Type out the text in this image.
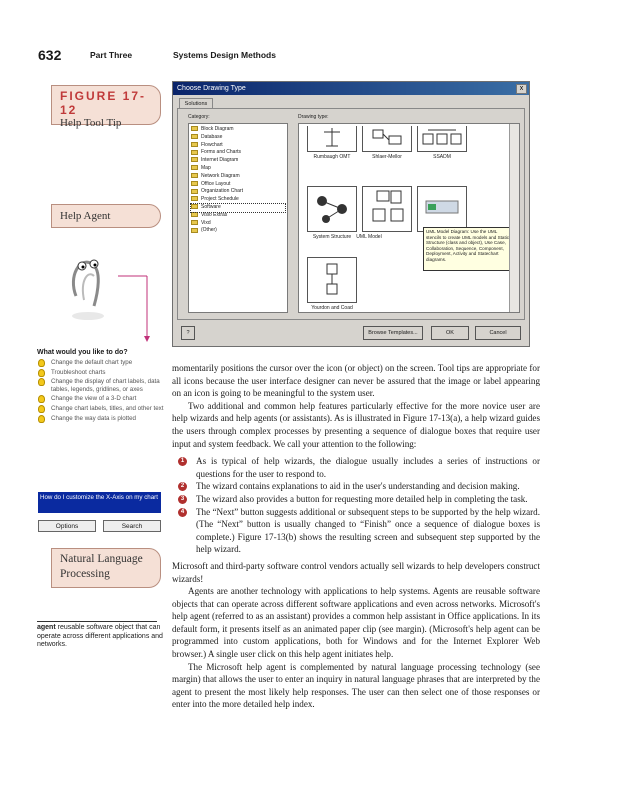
632	Part Three	Systems Design Methods
FIGURE 17-12
Help Tool Tip
Help Agent
Choose Drawing Type	x
Solutions
Category:	Drawing type:
Block Diagram
Database
Flowchart
Forms and Charts
Internet Diagram
Map
Network Diagram
Office Layout
Organization Chart
Project Schedule
Software
Visio Extras
Vixd
(Other)
Rumbaugh OMT	Shlaer-Mellor	SSADM
System Structure	UML Model
UML Model Diagram: Use the UML stencils to create UML models and Static Structure (class and object), Use Case, Collaboration, Sequence, Component, Deployment, Activity and Statechart diagrams.
Yourdon and Coad
?	Browse Templates...	OK	Cancel
What would you like to do?
Change the default chart type
Troubleshoot charts
Change the display of chart labels, data tables, legends, gridlines, or axes
Change the view of a 3-D chart
Change chart labels, titles, and other text
Change the way data is plotted
How do I customize the X-Axis on my chart
Options	Search
Natural Language Processing
agent reusable software object that can operate across different applications and networks.

momentarily positions the cursor over the icon (or object) on the screen. Tool tips are appropriate for all icons because the user interface designer can never be assured that the image or label appearing on an icon is going to be meaningful to the system user.

Two additional and common help features particularly effective for the more novice user are help wizards and help agents (or assistants). As is illustrated in Figure 17-13(a), a help wizard guides the users through complex processes by presenting a sequence of dialogue boxes that require user input and system feedback. We call your attention to the following:

1	As is typical of help wizards, the dialogue usually includes a series of instructions or questions for the user to respond to.

2	The wizard contains explanations to aid in the user's understanding and decision making.

3	The wizard also provides a button for requesting more detailed help in completing the task.

4	The “Next” button suggests additional or subsequent steps to be supported by the help wizard. (The “Next” button is usually changed to “Finish” once a sequence of dialogue boxes is complete.) Figure 17-13(b) shows the resulting screen and subsequent step supported by the help wizard.

Microsoft and third-party software control vendors actually sell wizards to help developers construct wizards!

Agents are another technology with applications to help systems. Agents are reusable software objects that can operate across different software applications and even across networks. Microsoft's help agent (referred to as an assistant) provides a common help assistant in Office applications. In its default form, it presents itself as an animated paper clip (see margin). (Microsoft's help agent can be programmed into custom applications, both for Windows and for the Internet Explorer Web browser.) A single user click on this help agent initiates help.

The Microsoft help agent is complemented by natural language processing technology (see margin) that allows the user to enter an inquiry in natural language phrases that are interpreted by the agent to present the most likely help responses. The user can then select one of those responses or enter into the more detailed help index.
